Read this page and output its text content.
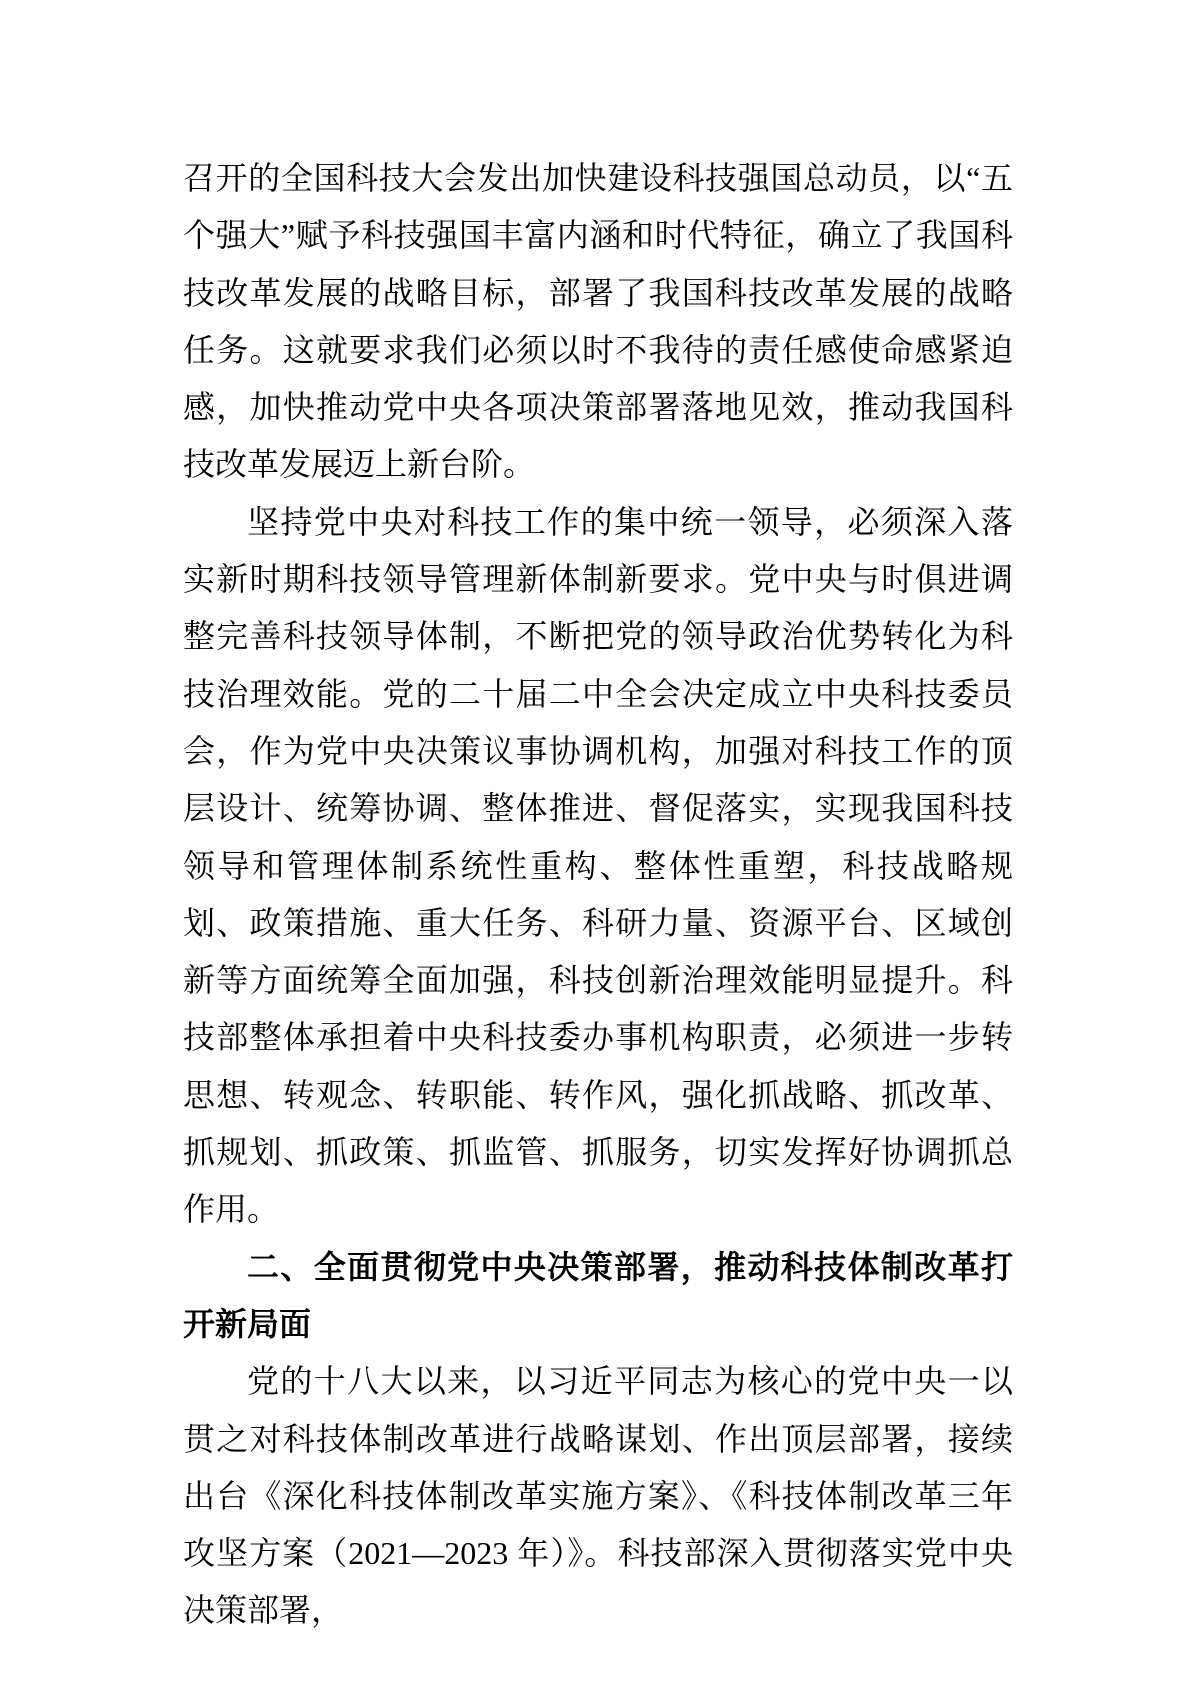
召开的全国科技大会发出加快建设科技强国总动员，以“五个强大”赋予科技强国丰富内涵和时代特征，确立了我国科技改革发展的战略目标，部署了我国科技改革发展的战略任务。这就要求我们必须以时不我待的责任感使命感紧迫感，加快推动党中央各项决策部署落地见效，推动我国科技改革发展迈上新台阶。

坚持党中央对科技工作的集中统一领导，必须深入落实新时期科技领导管理新体制新要求。党中央与时俱进调整完善科技领导体制，不断把党的领导政治优势转化为科技治理效能。党的二十届二中全会决定成立中央科技委员会，作为党中央决策议事协调机构，加强对科技工作的顶层设计、统筹协调、整体推进、督促落实，实现我国科技领导和管理体制系统性重构、整体性重塑，科技战略规划、政策措施、重大任务、科研力量、资源平台、区域创新等方面统筹全面加强，科技创新治理效能明显提升。科技部整体承担着中央科技委办事机构职责，必须进一步转思想、转观念、转职能、转作风，强化抓战略、抓改革、抓规划、抓政策、抓监管、抓服务，切实发挥好协调抓总作用。

二、全面贯彻党中央决策部署，推动科技体制改革打开新局面

党的十八大以来，以习近平同志为核心的党中央一以贯之对科技体制改革进行战略谋划、作出顶层部署，接续出台《深化科技体制改革实施方案》、《科技体制改革三年攻坚方案（2021—2023 年）》。科技部深入贯彻落实党中央决策部署，
